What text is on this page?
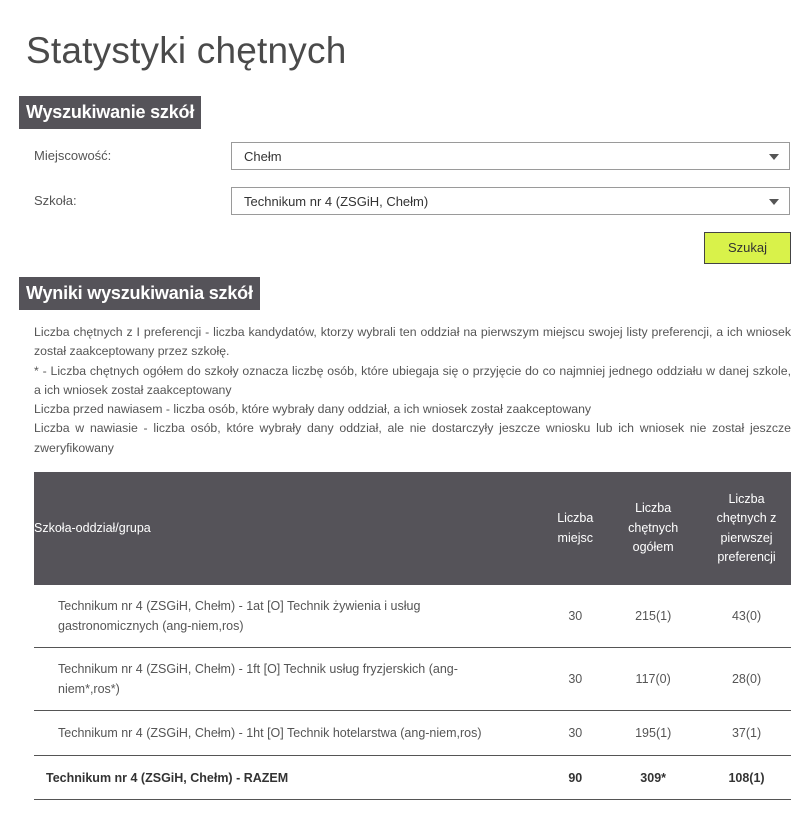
Statystyki chętnych
Wyszukiwanie szkół
Miejscowość:	Chełm
Szkoła:	Technikum nr 4 (ZSGiH, Chełm)
Szukaj
Wyniki wyszukiwania szkół

Liczba chętnych z I preferencji - liczba kandydatów, ktorzy wybrali ten oddział na pierwszym miejscu swojej listy preferencji, a ich wniosek został zaakceptowany przez szkołę.

* - Liczba chętnych ogółem do szkoły oznacza liczbę osób, które ubiegaja się o przyjęcie do co najmniej jednego oddziału w danej szkole, a ich wniosek został zaakceptowany

Liczba przed nawiasem - liczba osób, które wybrały dany oddział, a ich wniosek został zaakceptowany

Liczba w nawiasie - liczba osób, które wybrały dany oddział, ale nie dostarczyły jeszcze wniosku lub ich wniosek nie został jeszcze zweryfikowany

Szkoła-oddział/grupa	Liczba miejsc	Liczba chętnych ogółem	Liczba chętnych z pierwszej preferencji

Technikum nr 4 (ZSGiH, Chełm) - 1at [O] Technik żywienia i usług gastronomicznych (ang-niem,ros)	30	215(1)	43(0)
Technikum nr 4 (ZSGiH, Chełm) - 1ft [O] Technik usług fryzjerskich (ang-niem*,ros*)	30	117(0)	28(0)
Technikum nr 4 (ZSGiH, Chełm) - 1ht [O] Technik hotelarstwa (ang-niem,ros)	30	195(1)	37(1)
Technikum nr 4 (ZSGiH, Chełm) - RAZEM	90	309*	108(1)
